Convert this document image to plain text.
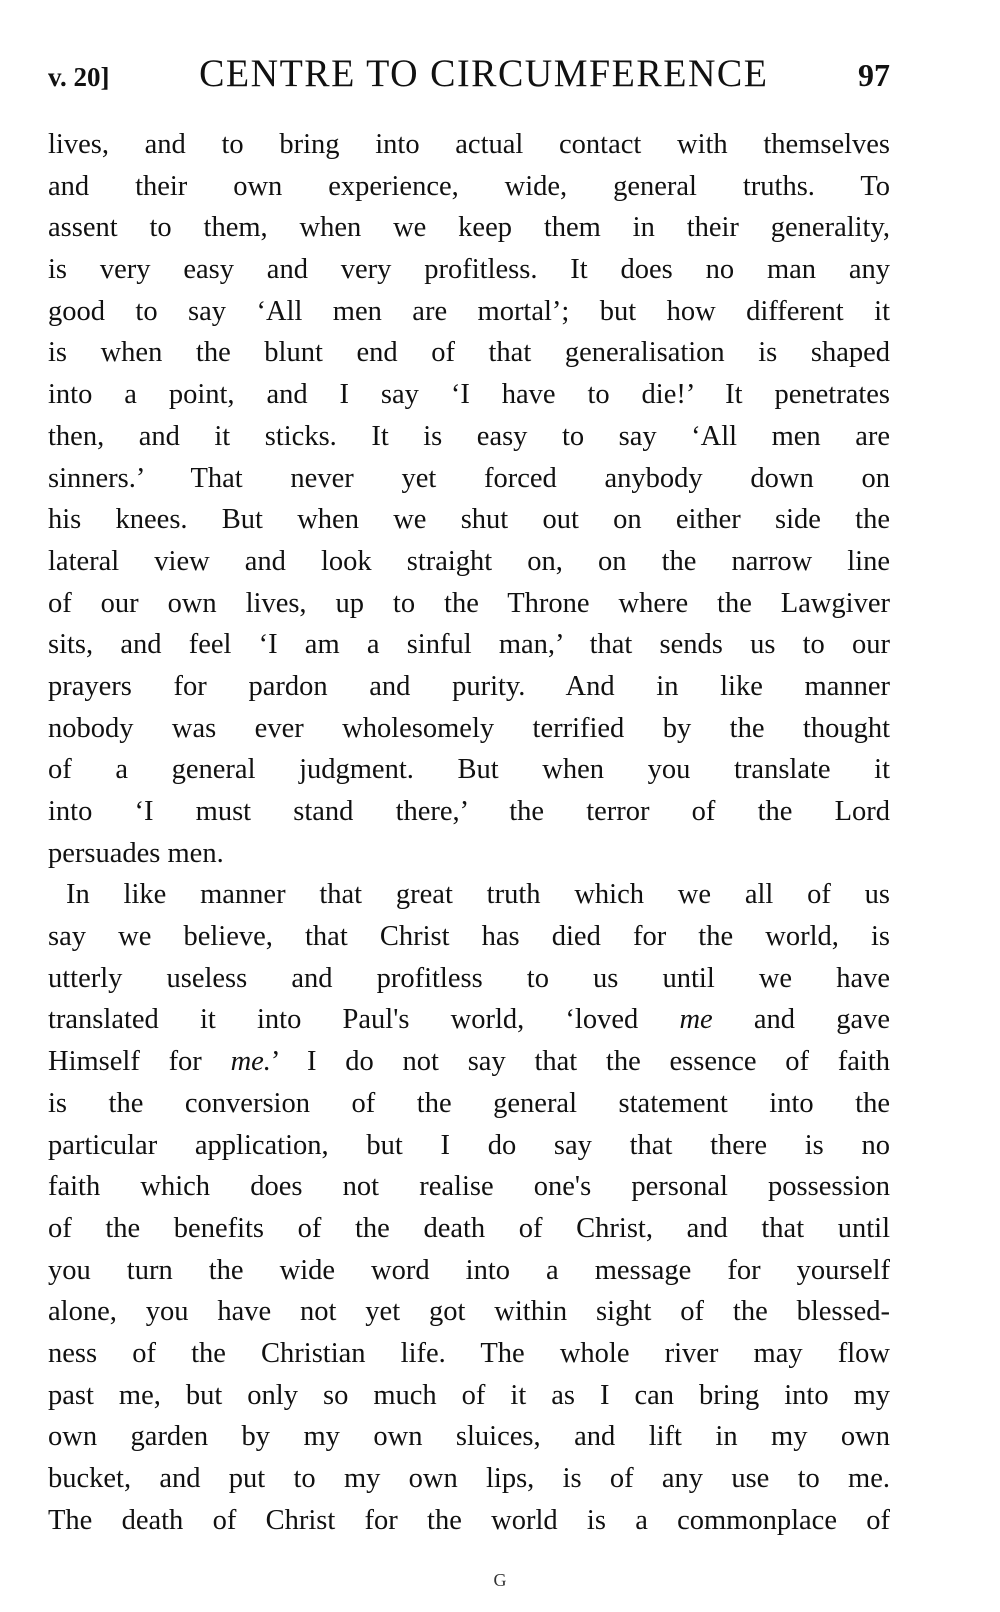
v. 20] CENTRE TO CIRCUMFERENCE	97
lives, and to bring into actual contact with themselves
and their own experience, wide, general truths. To
assent to them, when we keep them in their generality,
is very easy and very profitless. It does no man any
good to say ‘All men are mortal’; but how different it
is when the blunt end of that generalisation is shaped
into a point, and I say ‘I have to die!’ It penetrates
then, and it sticks. It is easy to say ‘All men are
sinners.’ That never yet forced anybody down on
his knees. But when we shut out on either side the
lateral view and look straight on, on the narrow line
of our own lives, up to the Throne where the Lawgiver
sits, and feel ‘I am a sinful man,’ that sends us to our
prayers for pardon and purity. And in like manner
nobody was ever wholesomely terrified by the thought
of a general judgment. But when you translate it
into ‘I must stand there,’ the terror of the Lord
persuades men.
In like manner that great truth which we all of us
say we believe, that Christ has died for the world, is
utterly useless and profitless to us until we have
translated it into Paul's world, ‘loved me and gave
Himself for me.’ I do not say that the essence of faith
is the conversion of the general statement into the
particular application, but I do say that there is no
faith which does not realise one's personal possession
of the benefits of the death of Christ, and that until
you turn the wide word into a message for yourself
alone, you have not yet got within sight of the blessed-
ness of the Christian life. The whole river may flow
past me, but only so much of it as I can bring into my
own garden by my own sluices, and lift in my own
bucket, and put to my own lips, is of any use to me.
The death of Christ for the world is a commonplace of
G
